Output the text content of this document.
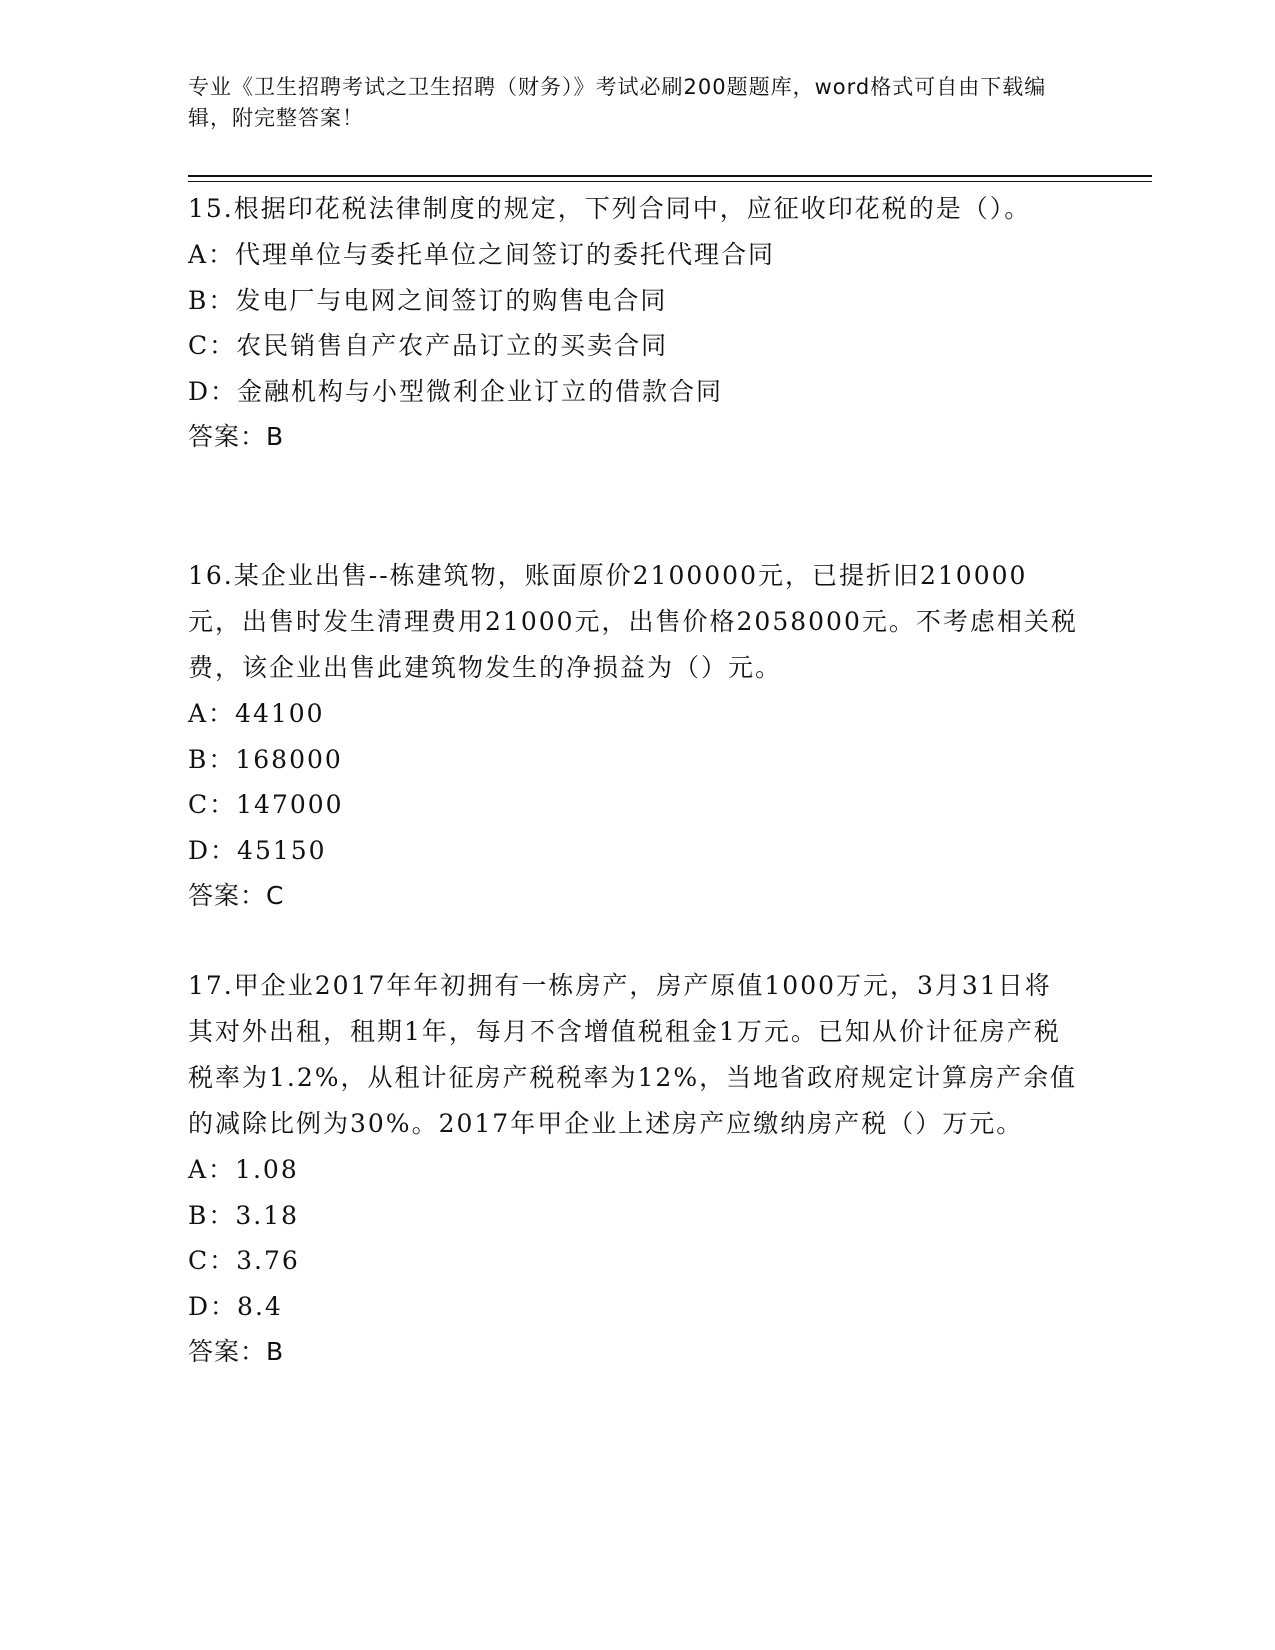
专业《卫生招聘考试之卫生招聘（财务）》考试必刷200题题库，word格式可自由下载编辑，附完整答案！

15.根据印花税法律制度的规定，下列合同中，应征收印花税的是（）。

A：代理单位与委托单位之间签订的委托代理合同

B：发电厂与电网之间签订的购售电合同

C：农民销售自产农产品订立的买卖合同

D：金融机构与小型微利企业订立的借款合同

答案：B

16.某企业出售--栋建筑物，账面原价2100000元，已提折旧210000元，出售时发生清理费用21000元，出售价格2058000元。不考虑相关税费，该企业出售此建筑物发生的净损益为（）元。

A：44100

B：168000

C：147000

D：45150

答案：C

17.甲企业2017年年初拥有一栋房产，房产原值1000万元，3月31日将其对外出租，租期1年，每月不含增值税租金1万元。已知从价计征房产税税率为1.2%，从租计征房产税税率为12%，当地省政府规定计算房产余值的减除比例为30%。2017年甲企业上述房产应缴纳房产税（）万元。

A：1.08

B：3.18

C：3.76

D：8.4

答案：B
